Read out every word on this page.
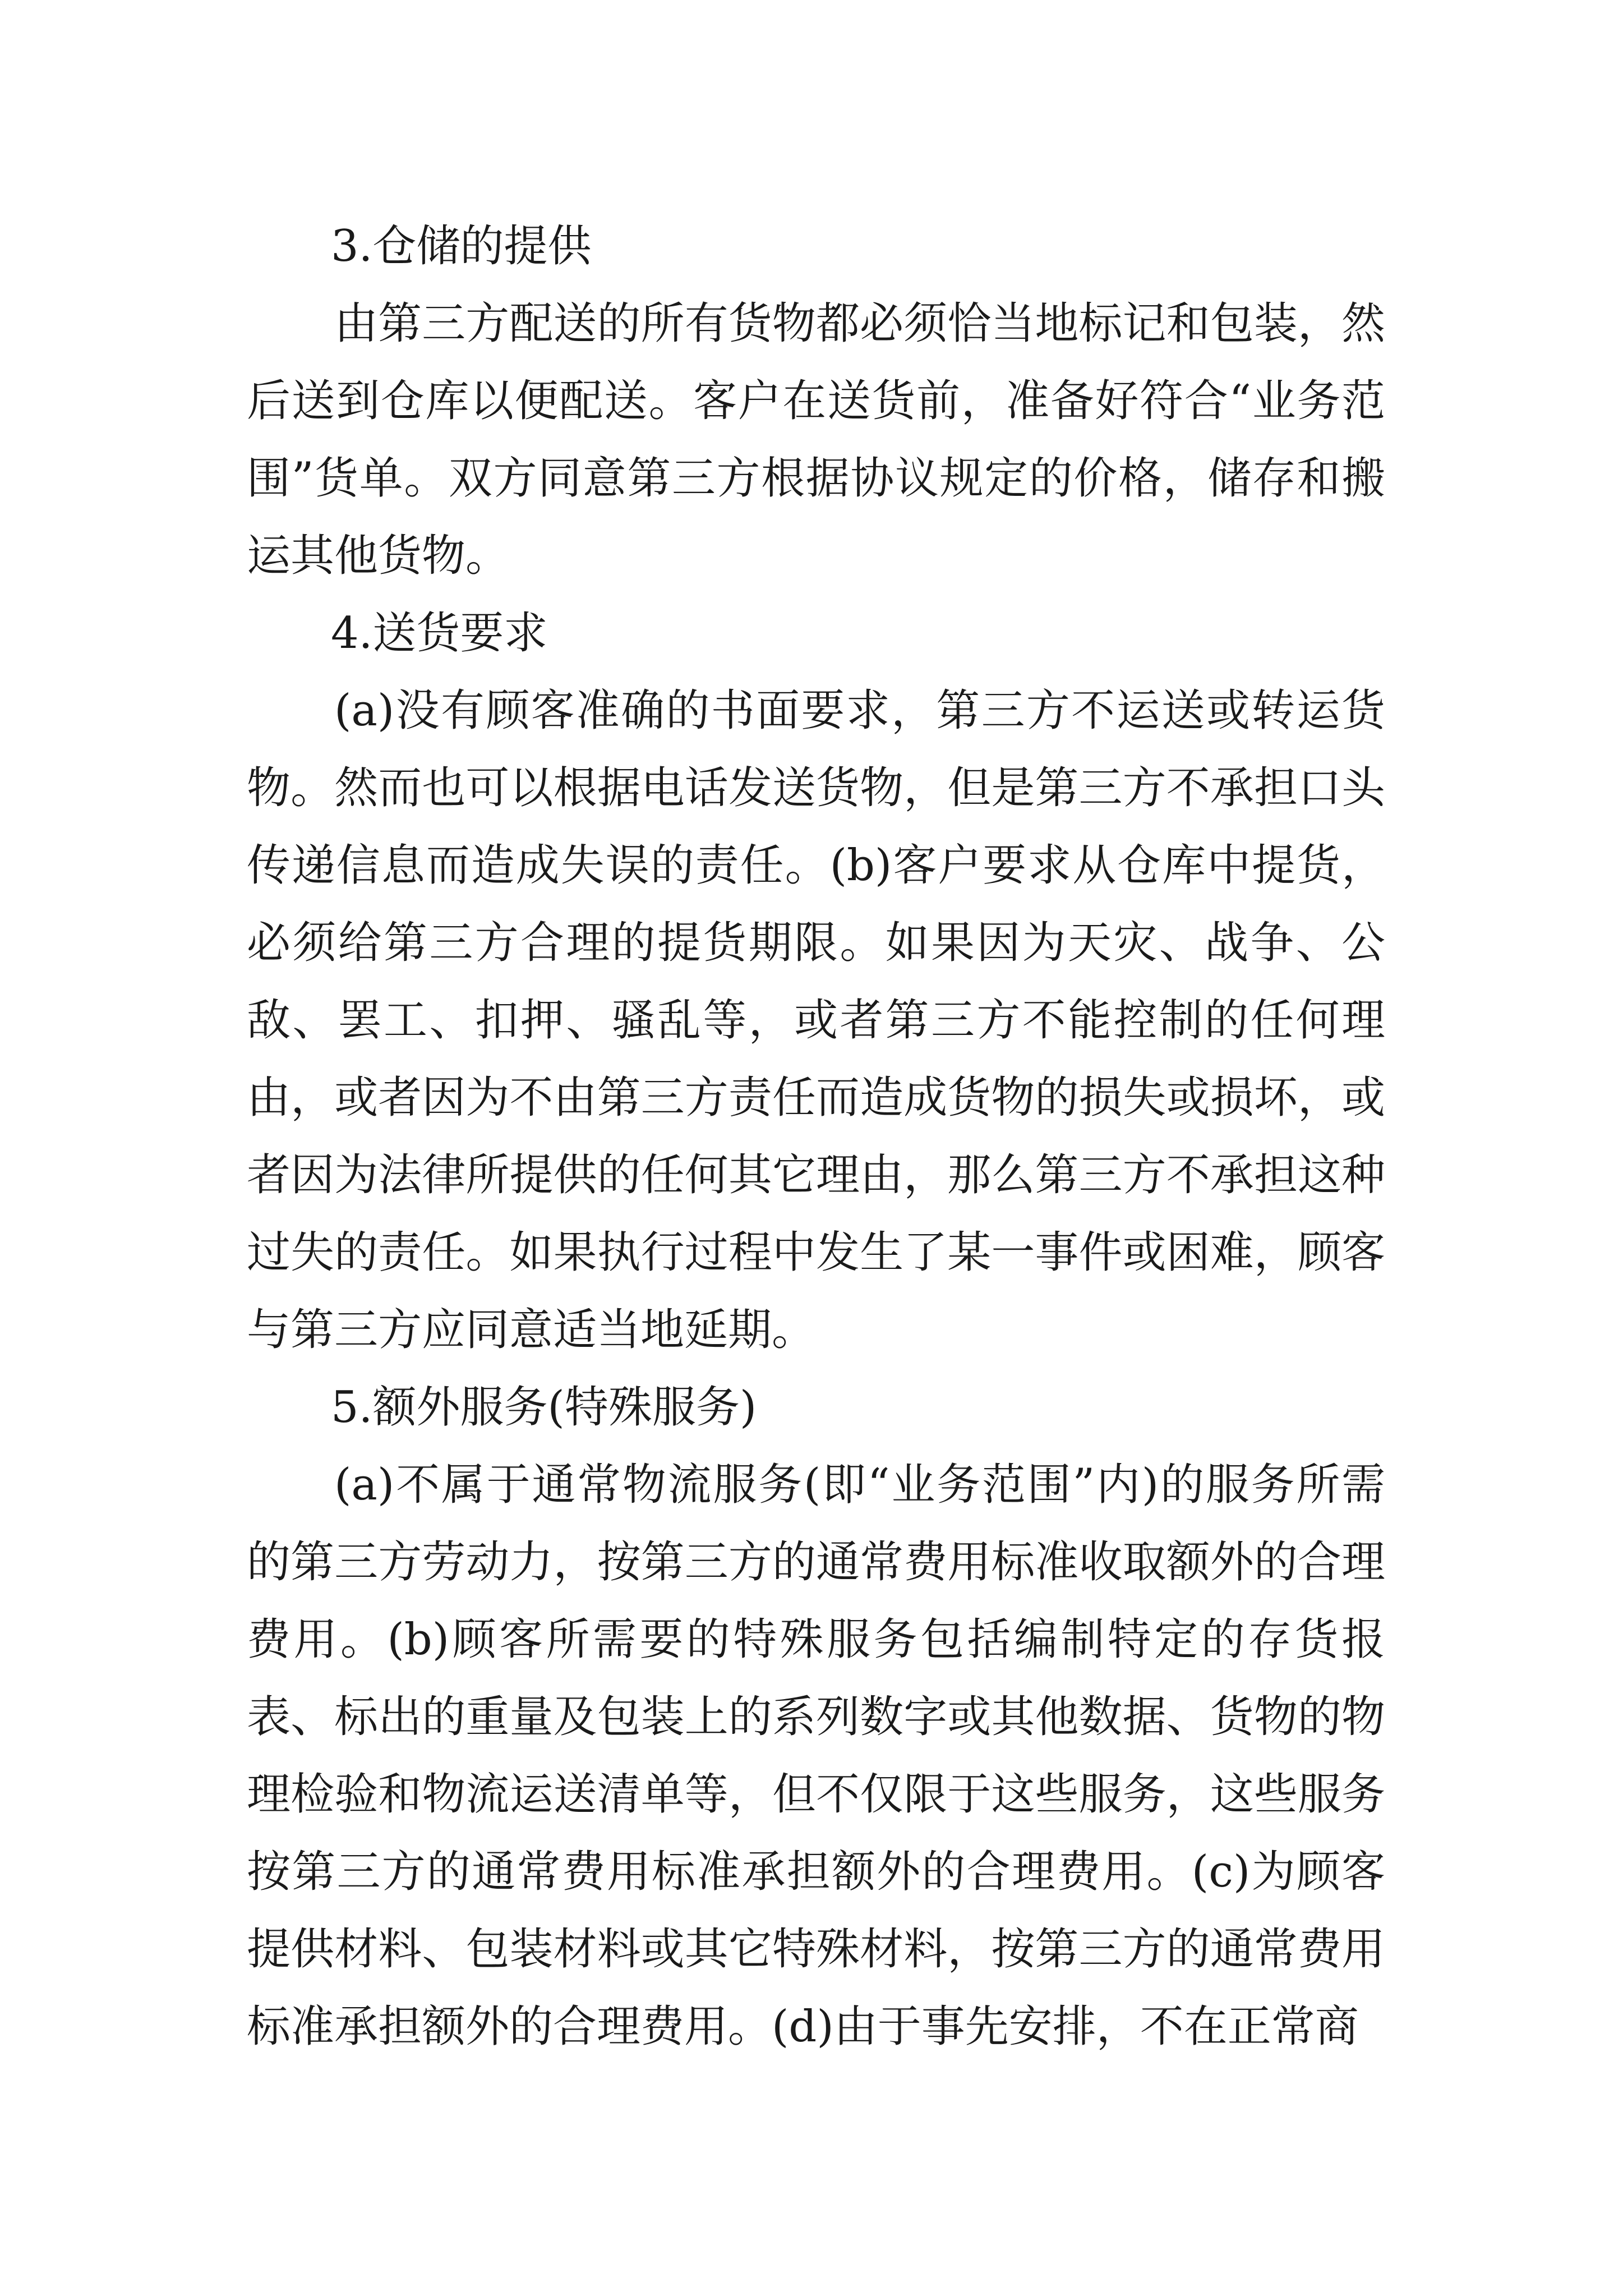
3.仓储的提供

由第三方配送的所有货物都必须恰当地标记和包装，然后送到仓库以便配送。客户在送货前，准备好符合“业务范围”货单。双方同意第三方根据协议规定的价格，储存和搬运其他货物。

4.送货要求

(a)没有顾客准确的书面要求，第三方不运送或转运货物。然而也可以根据电话发送货物，但是第三方不承担口头传递信息而造成失误的责任。(b)客户要求从仓库中提货，必须给第三方合理的提货期限。如果因为天灾、战争、公敌、罢工、扣押、骚乱等，或者第三方不能控制的任何理由，或者因为不由第三方责任而造成货物的损失或损坏，或者因为法律所提供的任何其它理由，那么第三方不承担这种过失的责任。如果执行过程中发生了某一事件或困难，顾客与第三方应同意适当地延期。

5.额外服务(特殊服务)

(a)不属于通常物流服务(即“业务范围”内)的服务所需的第三方劳动力，按第三方的通常费用标准收取额外的合理费用。(b)顾客所需要的特殊服务包括编制特定的存货报表、标出的重量及包装上的系列数字或其他数据、货物的物理检验和物流运送清单等，但不仅限于这些服务，这些服务按第三方的通常费用标准承担额外的合理费用。(c)为顾客提供材料、包装材料或其它特殊材料，按第三方的通常费用标准承担额外的合理费用。(d)由于事先安排，不在正常商
